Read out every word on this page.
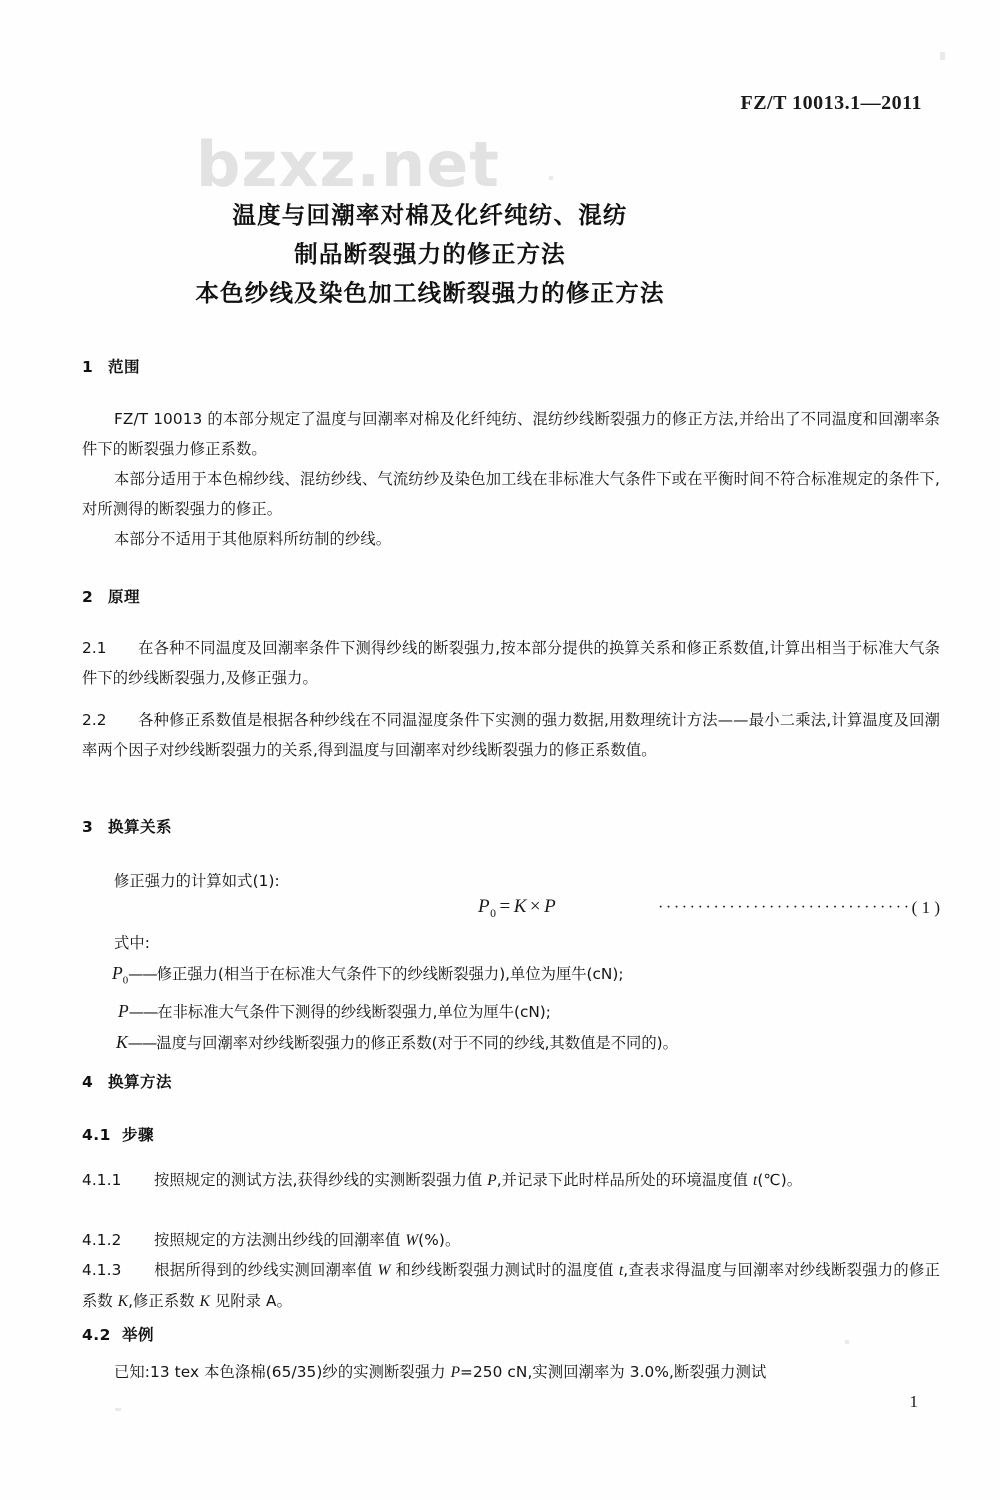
bzxz.net
FZ/T 10013.1—2011
温度与回潮率对棉及化纤纯纺、混纺
制品断裂强力的修正方法
本色纱线及染色加工线断裂强力的修正方法
1 范围
FZ/T 10013 的本部分规定了温度与回潮率对棉及化纤纯纺、混纺纱线断裂强力的修正方法,并给出了不同温度和回潮率条件下的断裂强力修正系数。
本部分适用于本色棉纱线、混纺纱线、气流纺纱及染色加工线在非标准大气条件下或在平衡时间不符合标准规定的条件下,对所测得的断裂强力的修正。
本部分不适用于其他原料所纺制的纱线。
2 原理
2.1 在各种不同温度及回潮率条件下测得纱线的断裂强力,按本部分提供的换算关系和修正系数值,计算出相当于标准大气条件下的纱线断裂强力,及修正强力。
2.2 各种修正系数值是根据各种纱线在不同温湿度条件下实测的强力数据,用数理统计方法——最小二乘法,计算温度及回潮率两个因子对纱线断裂强力的关系,得到温度与回潮率对纱线断裂强力的修正系数值。
3 换算关系
修正强力的计算如式(1):
$P_0 = K \times P$	································( 1 )
式中:
$P_0——$修正强力(相当于在标准大气条件下的纱线断裂强力),单位为厘牛(cN);
P——在非标准大气条件下测得的纱线断裂强力,单位为厘牛(cN);
K——温度与回潮率对纱线断裂强力的修正系数(对于不同的纱线,其数值是不同的)。
4 换算方法
4.1 步骤
4.1.1 按照规定的测试方法,获得纱线的实测断裂强力值 P,并记录下此时样品所处的环境温度值 t(℃)。
4.1.2 按照规定的方法测出纱线的回潮率值 W(%)。
4.1.3 根据所得到的纱线实测回潮率值 W 和纱线断裂强力测试时的温度值 t,查表求得温度与回潮率对纱线断裂强力的修正系数 K,修正系数 K 见附录 A。
4.2 举例
已知:13 tex 本色涤棉(65/35)纱的实测断裂强力 P=250 cN,实测回潮率为 3.0%,断裂强力测试
1
